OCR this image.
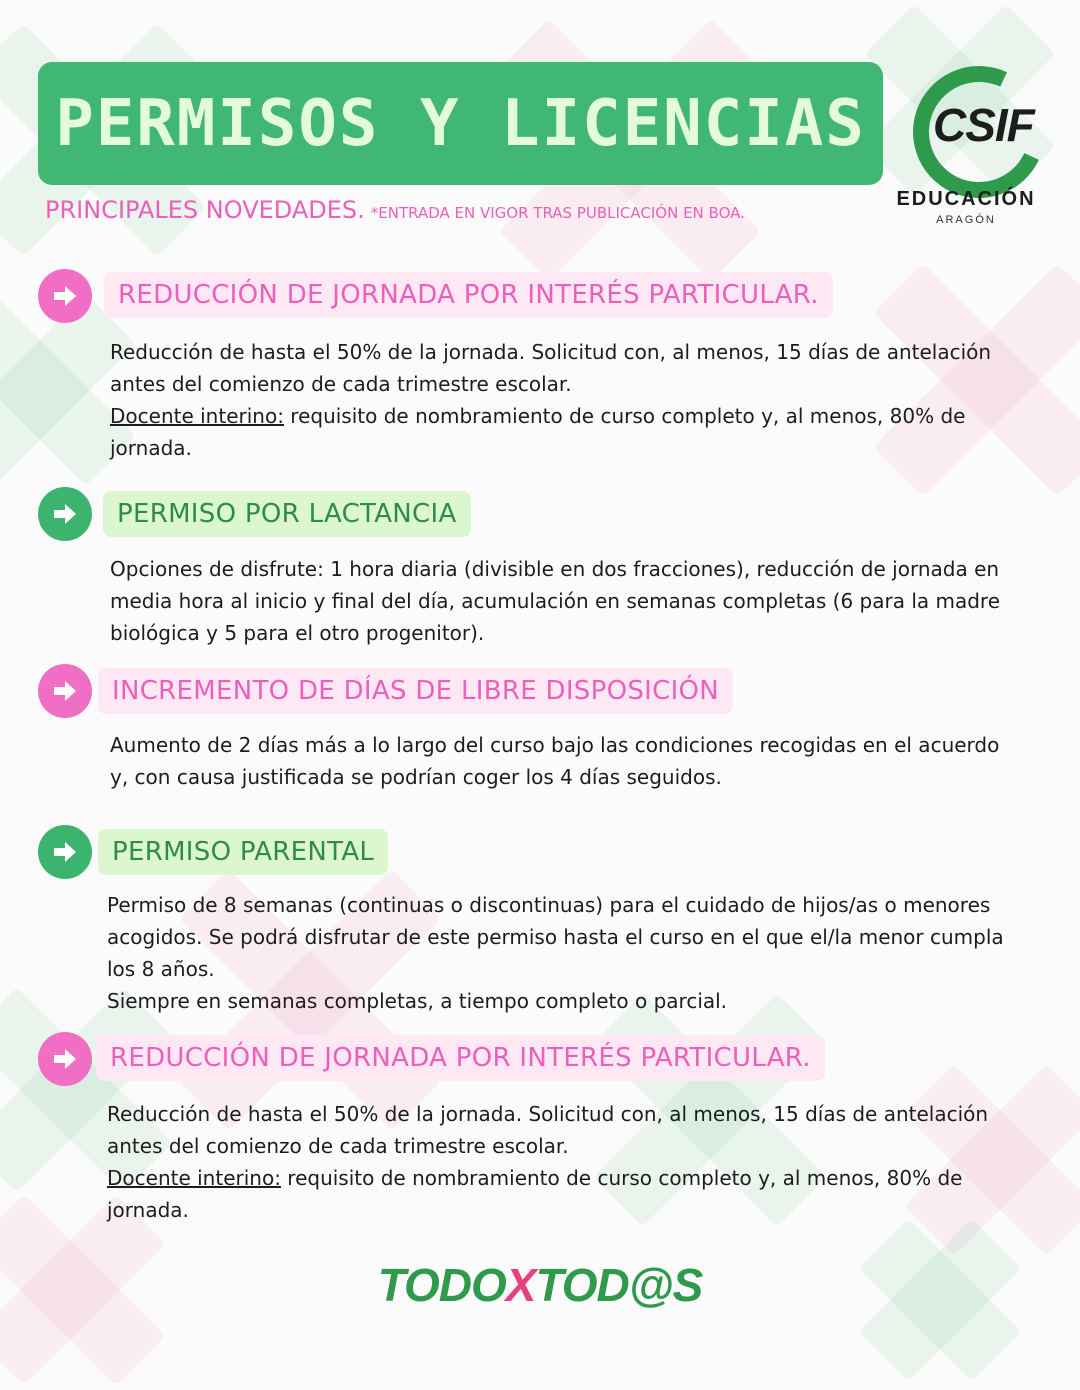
PERMISOS Y LICENCIAS CSIF
EDUCACIÓN
ARAGÓN
PRINCIPALES NOVEDADES. *ENTRADA EN VIGOR TRAS PUBLICACIÓN EN BOA.
REDUCCIÓN DE JORNADA POR INTERÉS PARTICULAR.

Reducción de hasta el 50% de la jornada. Solicitud con, al menos, 15 días de antelación antes del comienzo de cada trimestre escolar.

Docente interino: requisito de nombramiento de curso completo y, al menos, 80% de jornada.

PERMISO POR LACTANCIA

Opciones de disfrute: 1 hora diaria (divisible en dos fracciones), reducción de jornada en media hora al inicio y final del día, acumulación en semanas completas (6 para la madre biológica y 5 para el otro progenitor).

INCREMENTO DE DÍAS DE LIBRE DISPOSICIÓN

Aumento de 2 días más a lo largo del curso bajo las condiciones recogidas en el acuerdo y, con causa justificada se podrían coger los 4 días seguidos.

PERMISO PARENTAL

Permiso de 8 semanas (continuas o discontinuas) para el cuidado de hijos/as o menores acogidos. Se podrá disfrutar de este permiso hasta el curso en el que el/la menor cumpla los 8 años.

Siempre en semanas completas, a tiempo completo o parcial.

REDUCCIÓN DE JORNADA POR INTERÉS PARTICULAR.

Reducción de hasta el 50% de la jornada. Solicitud con, al menos, 15 días de antelación antes del comienzo de cada trimestre escolar.

Docente interino: requisito de nombramiento de curso completo y, al menos, 80% de jornada.

TODOXTOD@S
